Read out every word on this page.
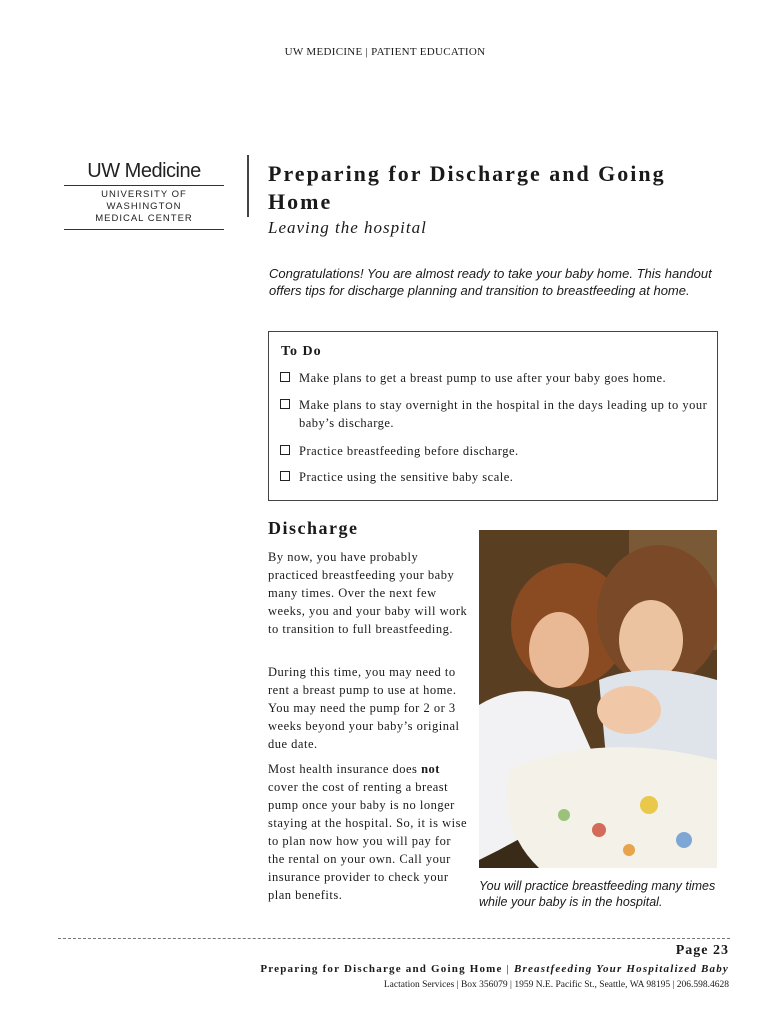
UW MEDICINE | PATIENT EDUCATION
UW Medicine
UNIVERSITY OF WASHINGTON
MEDICAL CENTER
Preparing for Discharge and Going Home
Leaving the hospital
Congratulations! You are almost ready to take your baby home. This handout offers tips for discharge planning and transition to breastfeeding at home.
To Do
Make plans to get a breast pump to use after your baby goes home.
Make plans to stay overnight in the hospital in the days leading up to your baby’s discharge.
Practice breastfeeding before discharge.
Practice using the sensitive baby scale.
Discharge
By now, you have probably practiced breastfeeding your baby many times. Over the next few weeks, you and your baby will work to transition to full breastfeeding.
During this time, you may need to rent a breast pump to use at home. You may need the pump for 2 or 3 weeks beyond your baby’s original due date.
Most health insurance does not cover the cost of renting a breast pump once your baby is no longer staying at the hospital. So, it is wise to plan now how you will pay for the rental on your own. Call your insurance provider to check your plan benefits.
You will practice breastfeeding many times while your baby is in the hospital.
Page 23
Preparing for Discharge and Going Home | Breastfeeding Your Hospitalized Baby
Lactation Services | Box 356079 | 1959 N.E. Pacific St., Seattle, WA 98195 | 206.598.4628
